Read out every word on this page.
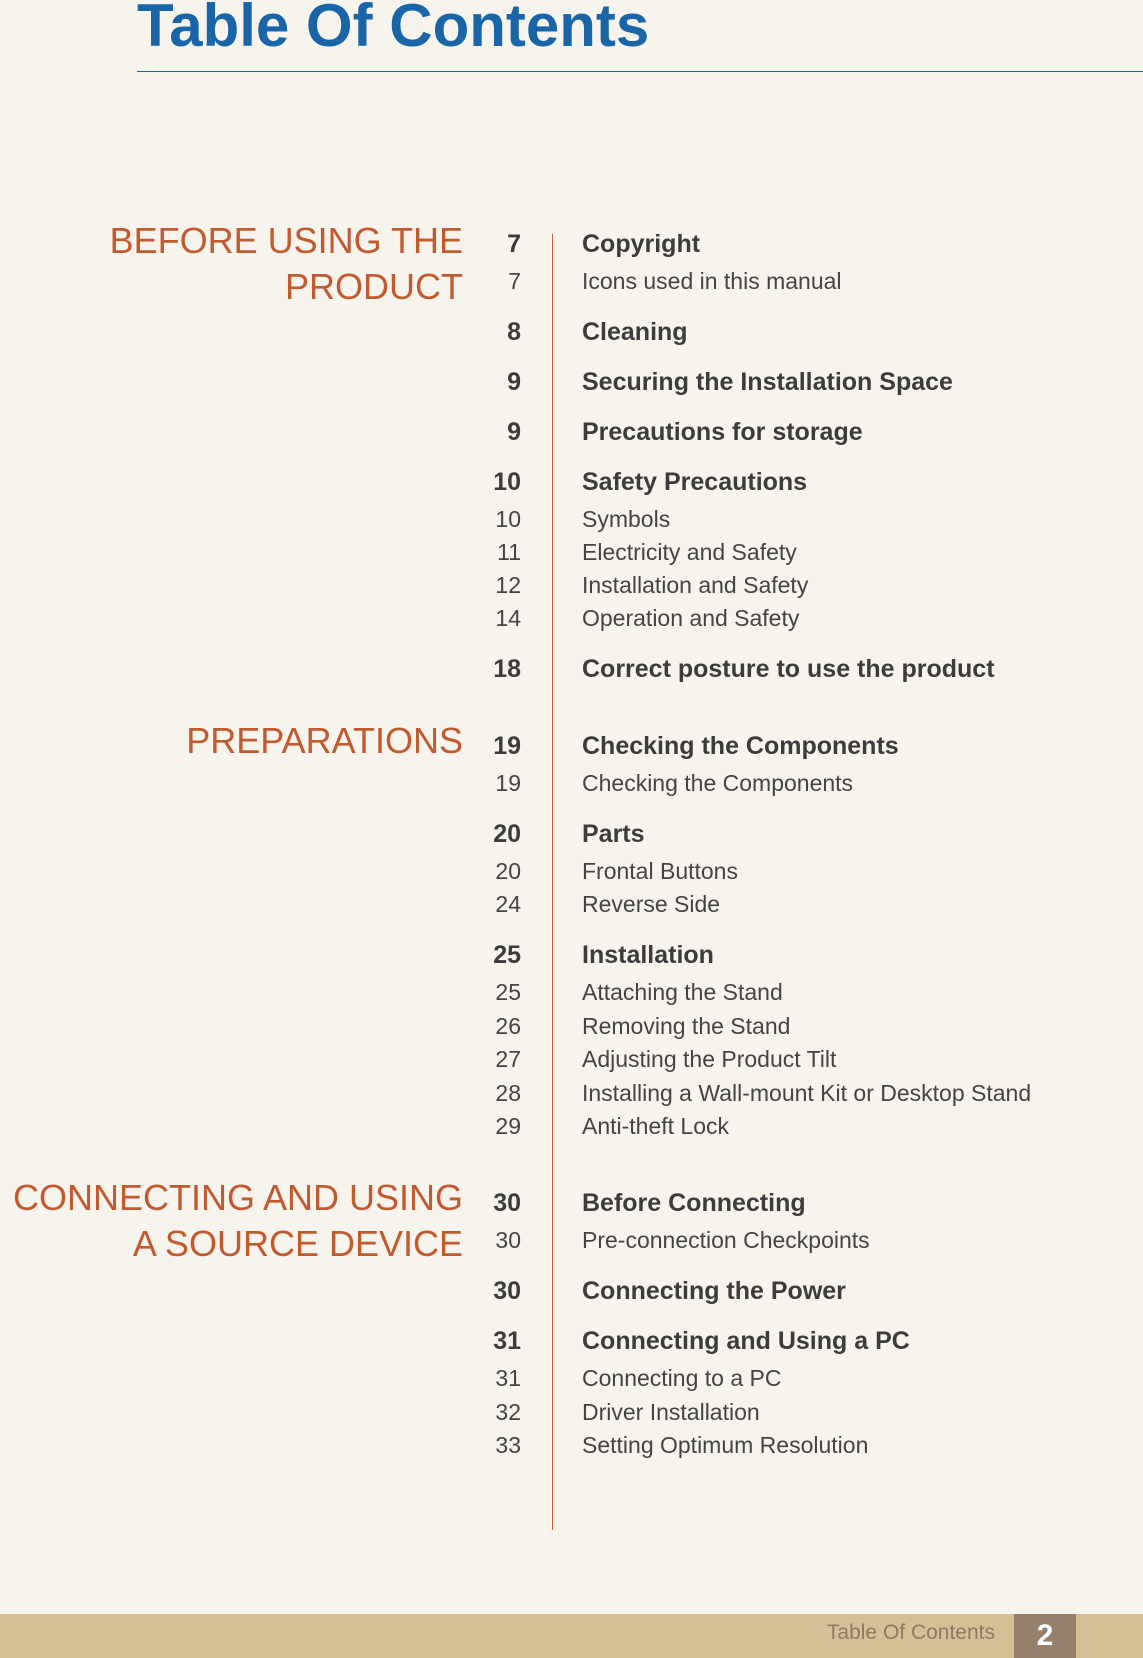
Table Of Contents
BEFORE USING THE
PRODUCT
PREPARATIONS
CONNECTING AND USING
A SOURCE DEVICE
7 Copyright
7	Icons used in this manual
8 Cleaning
9 Securing the Installation Space
9 Precautions for storage
10 Safety Precautions
10	Symbols
11	Electricity and Safety
12	Installation and Safety
14	Operation and Safety
18 Correct posture to use the product
19 Checking the Components
19	Checking the Components
20 Parts
20	Frontal Buttons
24	Reverse Side
25 Installation
25	Attaching the Stand
26	Removing the Stand
27	Adjusting the Product Tilt
28	Installing a Wall-mount Kit or Desktop Stand
29	Anti-theft Lock
30 Before Connecting
30	Pre-connection Checkpoints
30 Connecting the Power
31 Connecting and Using a PC
31	Connecting to a PC
32	Driver Installation
33	Setting Optimum Resolution
Table Of Contents	2
